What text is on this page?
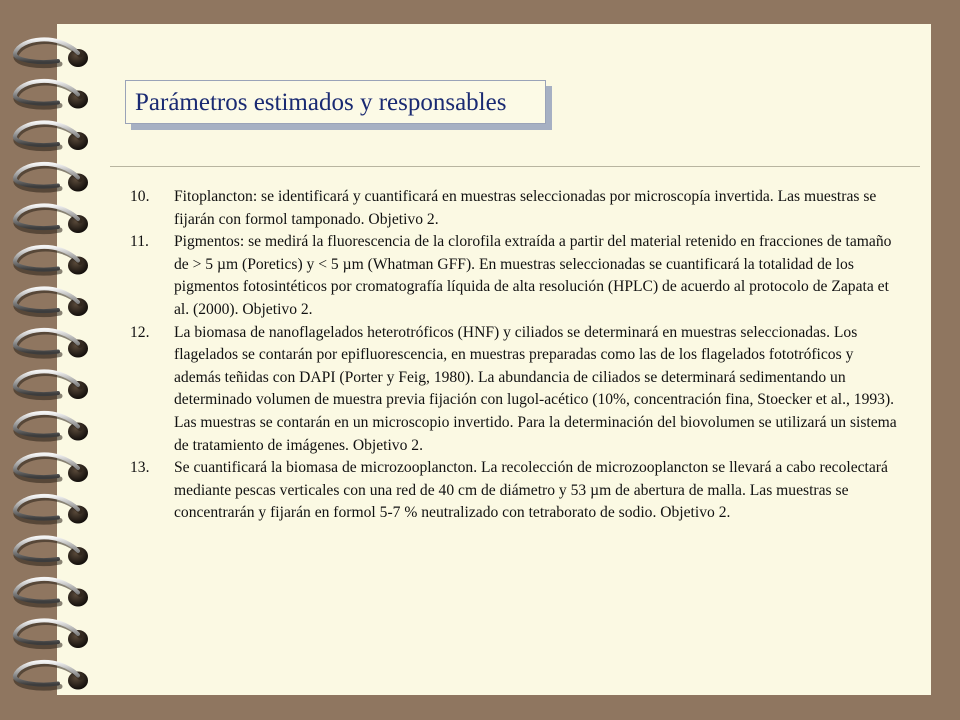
Parámetros estimados y responsables
10.	Fitoplancton: se identificará y cuantificará en muestras seleccionadas por microscopía invertida. Las muestras se fijarán con formol tamponado. Objetivo 2.
11.	Pigmentos: se medirá la fluorescencia de la clorofila extraída a partir del material retenido en fracciones de tamaño de > 5 µm (Poretics) y < 5 µm (Whatman GFF). En muestras seleccionadas se cuantificará la totalidad de los pigmentos fotosintéticos por cromatografía líquida de alta resolución (HPLC) de acuerdo al protocolo de Zapata et al. (2000). Objetivo 2.
12.	La biomasa de nanoflagelados heterotróficos (HNF) y ciliados se determinará en muestras seleccionadas. Los flagelados se contarán por epifluorescencia, en muestras preparadas como las de los flagelados fototróficos y además teñidas con DAPI (Porter y Feig, 1980). La abundancia de ciliados se determinará sedimentando un determinado volumen de muestra previa fijación con lugol-acético (10%, concentración fina, Stoecker et al., 1993). Las muestras se contarán en un microscopio invertido. Para la determinación del biovolumen se utilizará un sistema de tratamiento de imágenes. Objetivo 2.
13.	Se cuantificará la biomasa de microzooplancton. La recolección de microzooplancton se llevará a cabo recolectará mediante pescas verticales con una red de 40 cm de diámetro y 53 µm de abertura de malla. Las muestras se concentrarán y fijarán en formol 5-7 % neutralizado con tetraborato de sodio. Objetivo 2.
